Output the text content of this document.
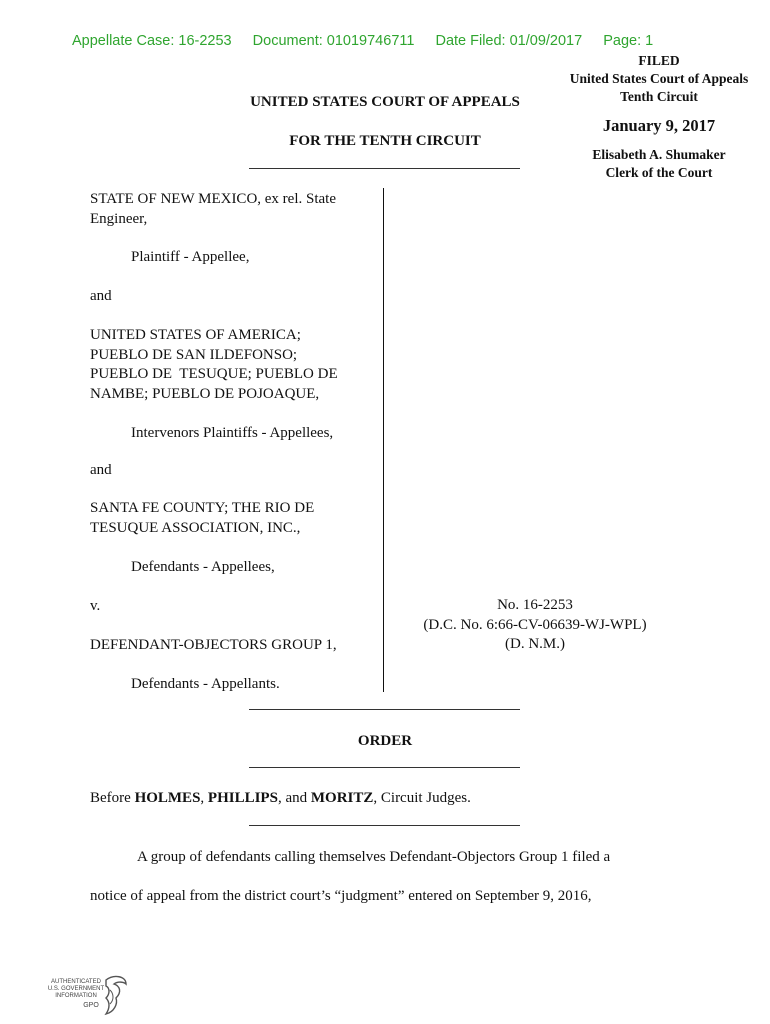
Appellate Case: 16-2253 Document: 01019746711 Date Filed: 01/09/2017 Page: 1
FILED
United States Court of Appeals
Tenth Circuit
January 9, 2017
Elisabeth A. Shumaker
Clerk of the Court
UNITED STATES COURT OF APPEALS
FOR THE TENTH CIRCUIT
STATE OF NEW MEXICO, ex rel. State
Engineer,
Plaintiff - Appellee,
and
UNITED STATES OF AMERICA;
PUEBLO DE SAN ILDEFONSO;
PUEBLO DE  TESUQUE; PUEBLO DE
NAMBE; PUEBLO DE POJOAQUE,
Intervenors Plaintiffs - Appellees,
and
SANTA FE COUNTY; THE RIO DE
TESUQUE ASSOCIATION, INC.,
Defendants - Appellees,
v.
DEFENDANT-OBJECTORS GROUP 1,
Defendants - Appellants.
No. 16-2253
(D.C. No. 6:66-CV-06639-WJ-WPL)
(D. N.M.)
ORDER
Before HOLMES, PHILLIPS, and MORITZ, Circuit Judges.
A group of defendants calling themselves Defendant-Objectors Group 1 filed a
notice of appeal from the district court’s “judgment” entered on September 9, 2016,
AUTHENTICATED
U.S. GOVERNMENT
INFORMATION
GPO
